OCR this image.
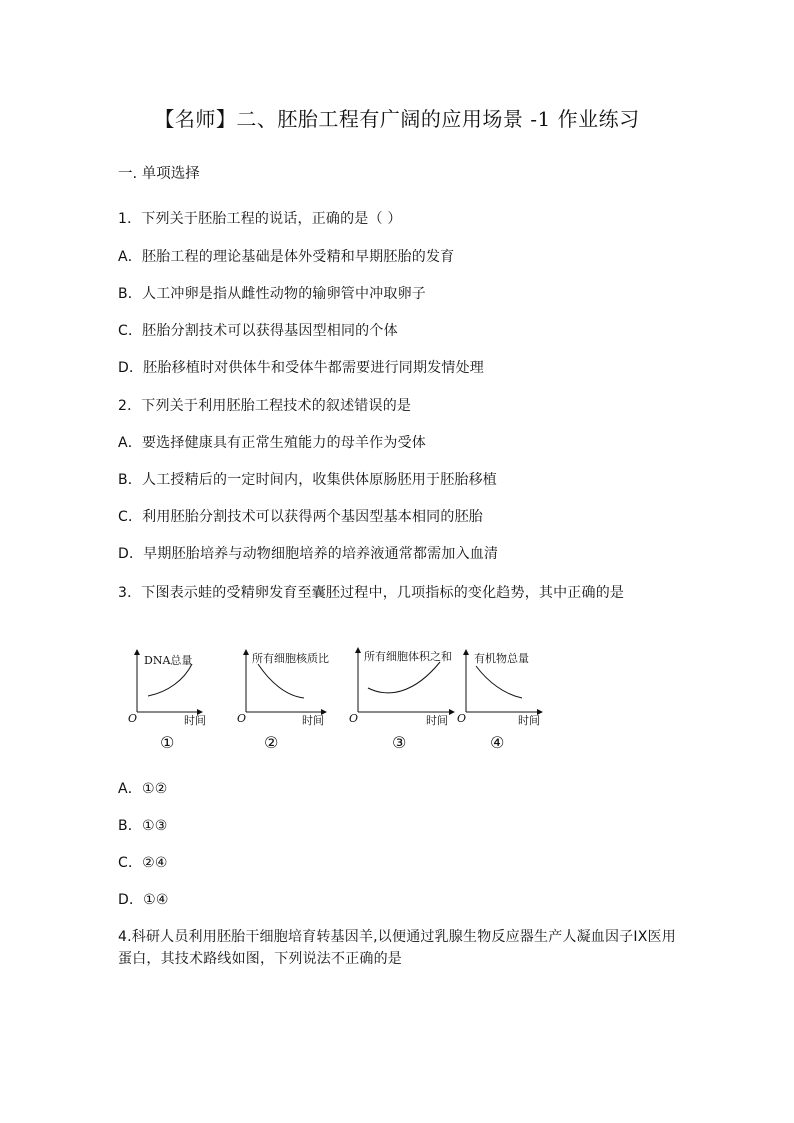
【名师】二、胚胎工程有广阔的应用场景 -1 作业练习
一. 单项选择
1．下列关于胚胎工程的说话，正确的是（ ）
A．胚胎工程的理论基础是体外受精和早期胚胎的发育
B．人工冲卵是指从雌性动物的输卵管中冲取卵子
C．胚胎分割技术可以获得基因型相同的个体
D．胚胎移植时对供体牛和受体牛都需要进行同期发情处理
2．下列关于利用胚胎工程技术的叙述错误的是
A．要选择健康具有正常生殖能力的母羊作为受体
B．人工授精后的一定时间内，收集供体原肠胚用于胚胎移植
C．利用胚胎分割技术可以获得两个基因型基本相同的胚胎
D．早期胚胎培养与动物细胞培养的培养液通常都需加入血清
3．下图表示蛙的受精卵发育至囊胚过程中，几项指标的变化趋势，其中正确的是
DNA总量
时间
O
①
所有细胞核质比
时间
O
②
所有细胞体积之和
时间
O
③
有机物总量
时间
O
④
A．①②
B．①③
C．②④
D．①④
4.科研人员利用胚胎干细胞培育转基因羊,以便通过乳腺生物反应器生产人凝血因子IX医用蛋白，其技术路线如图，下列说法不正确的是
